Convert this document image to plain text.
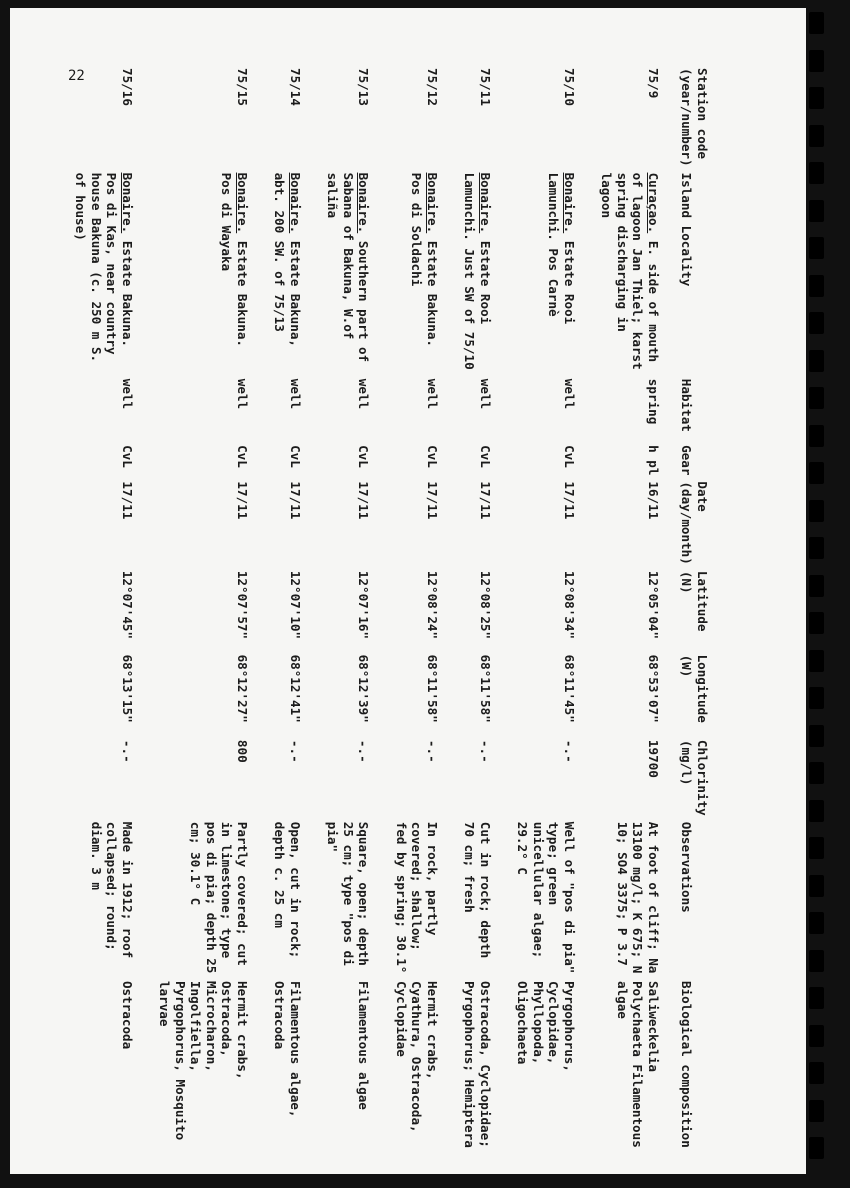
22	Station code (year/number)	Island Locality	Habitat	Gear	Date (day/month)	Latitude (N)	Longitude (W)	Chlorinity (mg/l)	Observations	Biological composition
75/9	Curaçao. E. side of mouth of lagoon Jan Thiel; karst spring discharging in lagoon	spring	h pl	16/11	12°05'04"	68°53'07"	19700	At foot of cliff; Na 13100 mg/l; K 675; N 10; SO4 3375; P 3.7	Saliweckelia Polychaeta Filamentous algae
75/10	Bonaire. Estate Rooi Lamunchi. Pos Carnè	well	CvL	17/11	12°08'34"	68°11'45"	-.-	Well of "pos di pia" type; green unicellular algae; 29.2° C	Pyrgophorus, Cyclopidae, Phyllopoda, Oligochaeta
75/11	Bonaire. Estate Rooi Lamunchi. Just SW of 75/10	well	CvL	17/11	12°08'25"	68°11'58"	-.-	Cut in rock; depth 70 cm; fresh	Ostracoda, Cyclopidae; Pyrgophorus; Hemiptera
75/12	Bonaire. Estate Bakuna. Pos di Soldachi	well	CvL	17/11	12°08'24"	68°11'58"	-.-	In rock, partly covered; shallow; fed by spring; 30.1°	Hermit crabs, Cyathura, Ostracoda, Cyclopidae
75/13	Bonaire. Southern part of Sabana of Bakuna, W.of saliña	well	CvL	17/11	12°07'16"	68°12'39"	-.-	Square, open; depth 25 cm; type "pos di pia"	Filamentous algae
75/14	Bonaire. Estate Bakuna, abt. 200 SW. of 75/13	well	CvL	17/11	12°07'10"	68°12'41"	-.-	Open, cut in rock; depth c. 25 cm	Filamentous algae, Ostracoda
75/15	Bonaire. Estate Bakuna. Pos di Wayaka	well	CvL	17/11	12°07'57"	68°12'27"	800	Partly covered; cut in limestone; type pos di pia; depth 25 cm; 30.1° C	Hermit crabs, Ostracoda, Microcharon, Ingolfiella, Pyrgophorus, Mosquito larvae
75/16	Bonaire. Estate Bakuna. Pos di Kas, near country house Bakuna (c. 250 m S. of house)	well	CvL	17/11	12°07'45"	68°13'15"	-.-	Made in 1912; roof collapsed; round; diam. 3 m	Ostracoda
